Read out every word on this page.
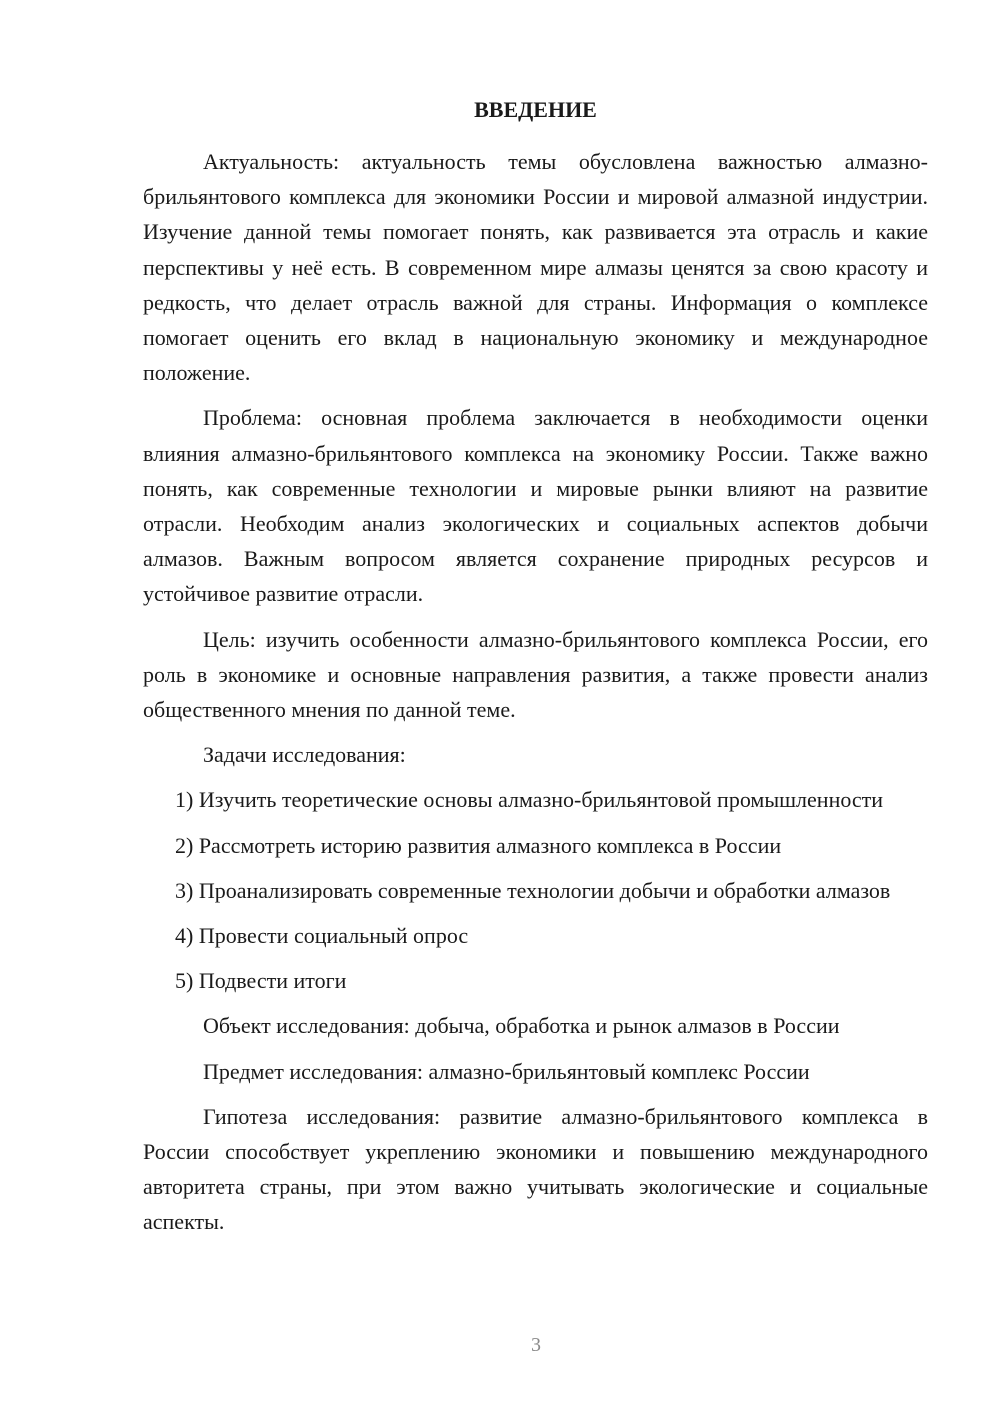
ВВЕДЕНИЕ

Актуальность: актуальность темы обусловлена важностью алмазно-брильянтового комплекса для экономики России и мировой алмазной индустрии. Изучение данной темы помогает понять, как развивается эта отрасль и какие перспективы у неё есть. В современном мире алмазы ценятся за свою красоту и редкость, что делает отрасль важной для страны. Информация о комплексе помогает оценить его вклад в национальную экономику и международное положение.

Проблема: основная проблема заключается в необходимости оценки влияния алмазно-брильянтового комплекса на экономику России. Также важно понять, как современные технологии и мировые рынки влияют на развитие отрасли. Необходим анализ экологических и социальных аспектов добычи алмазов. Важным вопросом является сохранение природных ресурсов и устойчивое развитие отрасли.

Цель: изучить особенности алмазно-брильянтового комплекса России, его роль в экономике и основные направления развития, а также провести анализ общественного мнения по данной теме.

Задачи исследования:

1) Изучить теоретические основы алмазно-брильянтовой промышленности

2) Рассмотреть историю развития алмазного комплекса в России

3) Проанализировать современные технологии добычи и обработки алмазов

4) Провести социальный опрос

5) Подвести итоги

Объект исследования: добыча, обработка и рынок алмазов в России

Предмет исследования: алмазно-брильянтовый комплекс России

Гипотеза исследования: развитие алмазно-брильянтового комплекса в России способствует укреплению экономики и повышению международного авторитета страны, при этом важно учитывать экологические и социальные аспекты.

3
